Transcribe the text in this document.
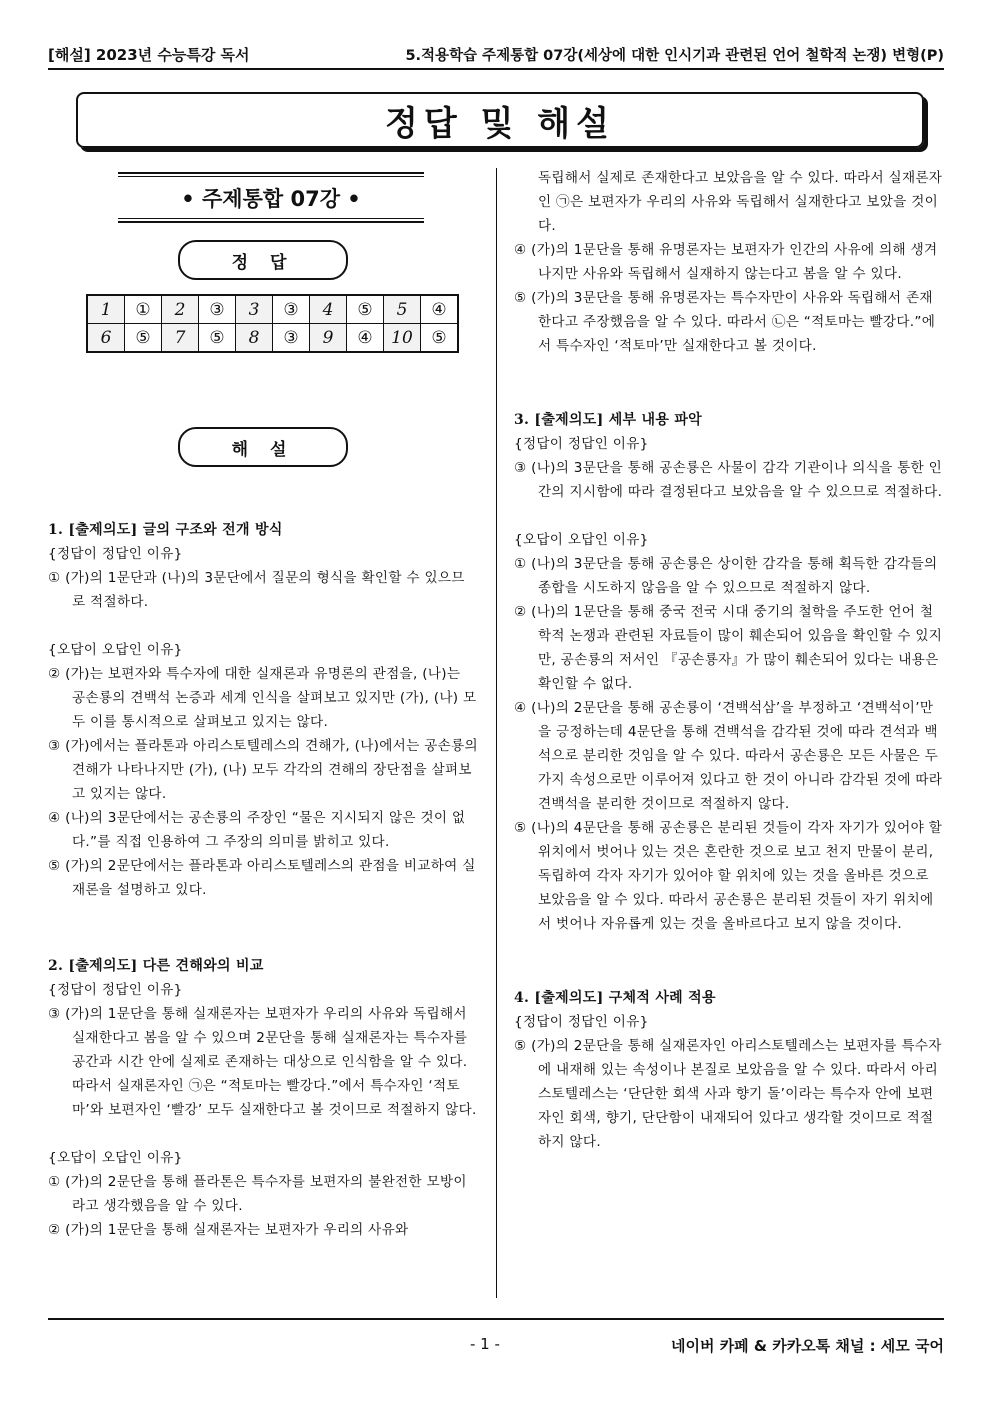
[해설] 2023년 수능특강 독서	5.적용학습 주제통합 07강(세상에 대한 인시기과 관련된 언어 철학적 논쟁) 변형(P)
정답 및 해설
• 주제통합 07강 •
정 답
1	①	2	③	3	③	4	⑤	5	④
6	⑤	7	⑤	8	③	9	④	10	⑤
해 설
1. [출제의도] 글의 구조와 전개 방식

{정답이 정답인 이유}

① (가)의 1문단과 (나)의 3문단에서 질문의 형식을 확인할 수 있으므로 적절하다.

{오답이 오답인 이유}

② (가)는 보편자와 특수자에 대한 실재론과 유명론의 관점을, (나)는 공손룡의 견백석 논증과 세계 인식을 살펴보고 있지만 (가), (나) 모두 이를 통시적으로 살펴보고 있지는 않다.

③ (가)에서는 플라톤과 아리스토텔레스의 견해가, (나)에서는 공손룡의 견해가 나타나지만 (가), (나) 모두 각각의 견해의 장단점을 살펴보고 있지는 않다.

④ (나)의 3문단에서는 공손룡의 주장인 “물은 지시되지 않은 것이 없다.”를 직접 인용하여 그 주장의 의미를 밝히고 있다.

⑤ (가)의 2문단에서는 플라톤과 아리스토텔레스의 관점을 비교하여 실재론을 설명하고 있다.

2. [출제의도] 다른 견해와의 비교

{정답이 정답인 이유}

③ (가)의 1문단을 통해 실재론자는 보편자가 우리의 사유와 독립해서 실재한다고 봄을 알 수 있으며 2문단을 통해 실재론자는 특수자를 공간과 시간 안에 실제로 존재하는 대상으로 인식함을 알 수 있다. 따라서 실재론자인 ㉠은 “적토마는 빨강다.”에서 특수자인 ‘적토마’와 보편자인 ‘빨강’ 모두 실재한다고 볼 것이므로 적절하지 않다.

{오답이 오답인 이유}

① (가)의 2문단을 통해 플라톤은 특수자를 보편자의 불완전한 모방이라고 생각했음을 알 수 있다.

② (가)의 1문단을 통해 실재론자는 보편자가 우리의 사유와

독립해서 실제로 존재한다고 보았음을 알 수 있다. 따라서 실재론자인 ㉠은 보편자가 우리의 사유와 독립해서 실재한다고 보았을 것이다.

④ (가)의 1문단을 통해 유명론자는 보편자가 인간의 사유에 의해 생겨나지만 사유와 독립해서 실재하지 않는다고 봄을 알 수 있다.

⑤ (가)의 3문단을 통해 유명론자는 특수자만이 사유와 독립해서 존재한다고 주장했음을 알 수 있다. 따라서 ㉡은 “적토마는 빨강다.”에서 특수자인 ‘적토마’만 실재한다고 볼 것이다.

3. [출제의도] 세부 내용 파악

{정답이 정답인 이유}

③ (나)의 3문단을 통해 공손룡은 사물이 감각 기관이나 의식을 통한 인간의 지시함에 따라 결정된다고 보았음을 알 수 있으므로 적절하다.

{오답이 오답인 이유}

① (나)의 3문단을 통해 공손룡은 상이한 감각을 통해 획득한 감각들의 종합을 시도하지 않음을 알 수 있으므로 적절하지 않다.

② (나)의 1문단을 통해 중국 전국 시대 중기의 철학을 주도한 언어 철학적 논쟁과 관련된 자료들이 많이 훼손되어 있음을 확인할 수 있지만, 공손룡의 저서인 『공손룡자』가 많이 훼손되어 있다는 내용은 확인할 수 없다.

④ (나)의 2문단을 통해 공손룡이 ‘견백석삼’을 부정하고 ‘견백석이’만을 긍정하는데 4문단을 통해 견백석을 감각된 것에 따라 견석과 백석으로 분리한 것임을 알 수 있다. 따라서 공손룡은 모든 사물은 두 가지 속성으로만 이루어져 있다고 한 것이 아니라 감각된 것에 따라 견백석을 분리한 것이므로 적절하지 않다.

⑤ (나)의 4문단을 통해 공손룡은 분리된 것들이 각자 자기가 있어야 할 위치에서 벗어나 있는 것은 혼란한 것으로 보고 천지 만물이 분리, 독립하여 각자 자기가 있어야 할 위치에 있는 것을 올바른 것으로 보았음을 알 수 있다. 따라서 공손룡은 분리된 것들이 자기 위치에서 벗어나 자유롭게 있는 것을 올바르다고 보지 않을 것이다.

4. [출제의도] 구체적 사례 적용

{정답이 정답인 이유}

⑤ (가)의 2문단을 통해 실재론자인 아리스토텔레스는 보편자를 특수자에 내재해 있는 속성이나 본질로 보았음을 알 수 있다. 따라서 아리스토텔레스는 ‘단단한 회색 사과 향기 돌’이라는 특수자 안에 보편자인 회색, 향기, 단단함이 내재되어 있다고 생각할 것이므로 적절하지 않다.

- 1 -	네이버 카페 & 카카오톡 채널 : 세모 국어
